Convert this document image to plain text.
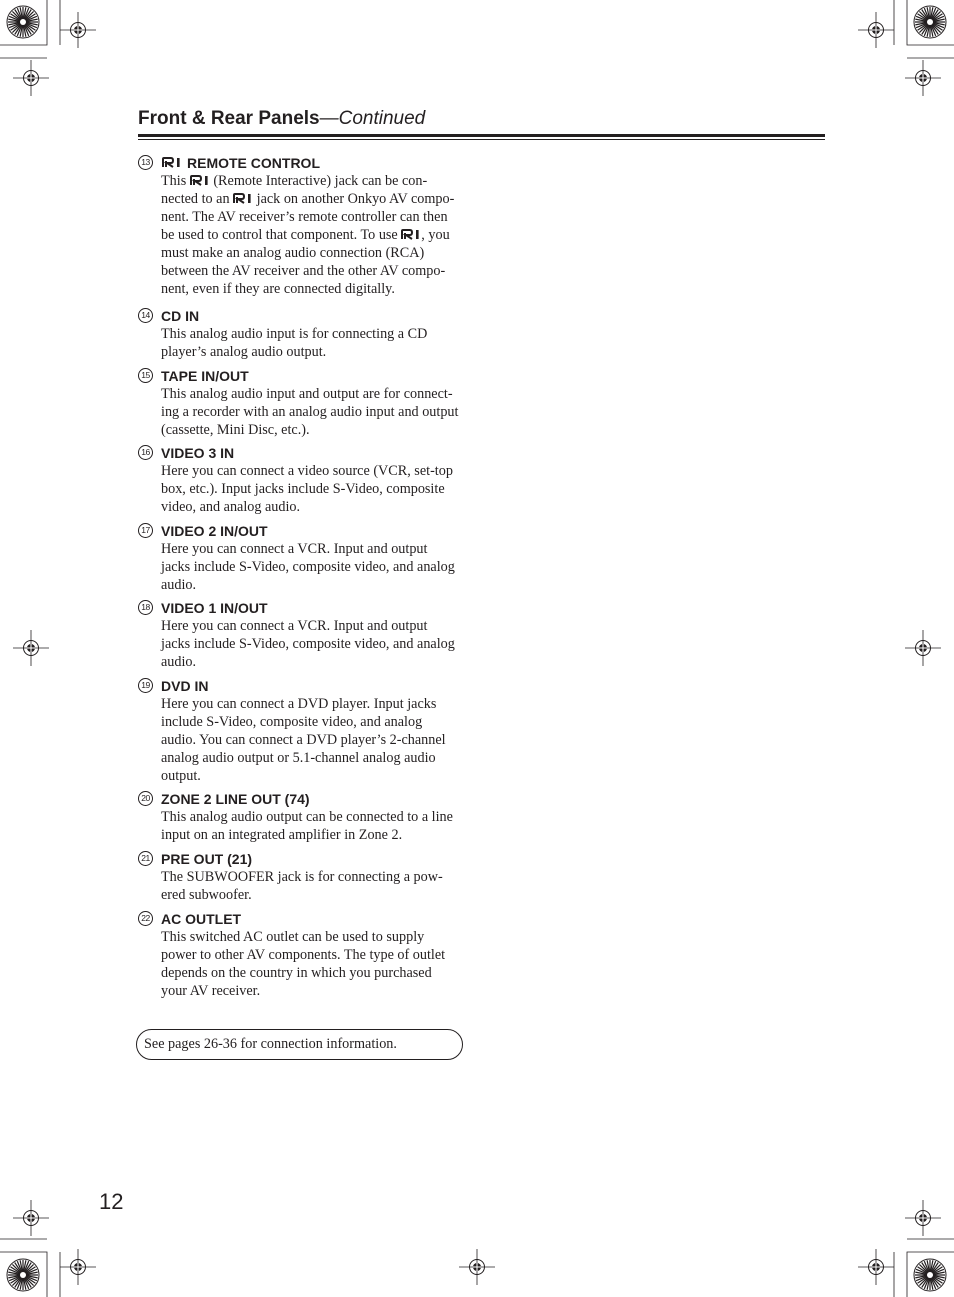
Front & Rear Panels—Continued
13	REMOTE CONTROL
This (Remote Interactive) jack can be con-
nected to an jack on another Onkyo AV compo-
nent. The AV receiver’s remote controller can then
be used to control that component. To use , you
must make an analog audio connection (RCA)
between the AV receiver and the other AV compo-
nent, even if they are connected digitally.
14 CD IN
This analog audio input is for connecting a CD
player’s analog audio output.
15 TAPE IN/OUT
This analog audio input and output are for connect-
ing a recorder with an analog audio input and output
(cassette, Mini Disc, etc.).
16 VIDEO 3 IN
Here you can connect a video source (VCR, set-top
box, etc.). Input jacks include S-Video, composite
video, and analog audio.
17 VIDEO 2 IN/OUT
Here you can connect a VCR. Input and output
jacks include S-Video, composite video, and analog
audio.
18 VIDEO 1 IN/OUT
Here you can connect a VCR. Input and output
jacks include S-Video, composite video, and analog
audio.
19 DVD IN
Here you can connect a DVD player. Input jacks
include S-Video, composite video, and analog
audio. You can connect a DVD player’s 2-channel
analog audio output or 5.1-channel analog audio
output.
20 ZONE 2 LINE OUT (74)
This analog audio output can be connected to a line
input on an integrated amplifier in Zone 2.
21 PRE OUT (21)
The SUBWOOFER jack is for connecting a pow-
ered subwoofer.
22 AC OUTLET
This switched AC outlet can be used to supply
power to other AV components. The type of outlet
depends on the country in which you purchased
your AV receiver.
See pages 26-36 for connection information.
12
